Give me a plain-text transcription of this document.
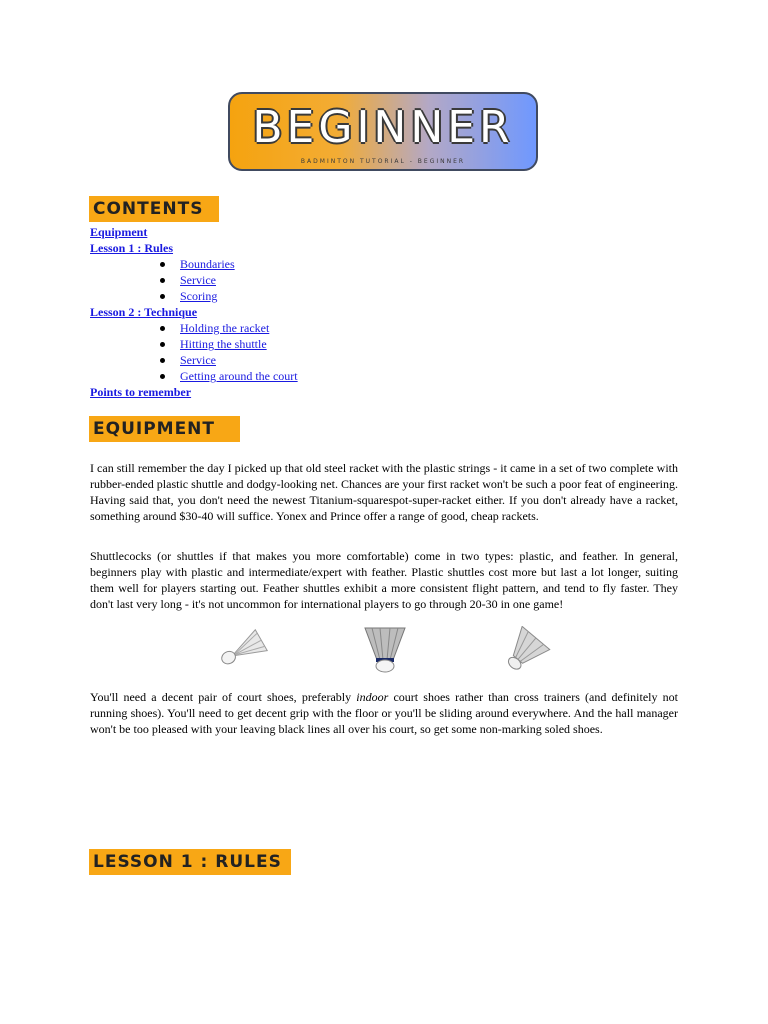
BEGINNER
BADMINTON TUTORIAL - BEGINNER
CONTENTS
Equipment
Lesson 1 : Rules
Boundaries
Service
Scoring
Lesson 2 : Technique
Holding the racket
Hitting the shuttle
Service
Getting around the court
Points to remember
EQUIPMENT
I can still remember the day I picked up that old steel racket with the plastic strings - it came in a set of two complete with rubber-ended plastic shuttle and dodgy-looking net. Chances are your first racket won't be such a poor feat of engineering. Having said that, you don't need the newest Titanium-squarespot-super-racket either. If you don't already have a racket, something around $30-40 will suffice. Yonex and Prince offer a range of good, cheap rackets.
Shuttlecocks (or shuttles if that makes you more comfortable) come in two types: plastic, and feather. In general, beginners play with plastic and intermediate/expert with feather. Plastic shuttles cost more but last a lot longer, suiting them well for players starting out. Feather shuttles exhibit a more consistent flight pattern, and tend to fly faster. They don't last very long - it's not uncommon for international players to go through 20-30 in one game!
You'll need a decent pair of court shoes, preferably indoor court shoes rather than cross trainers (and definitely not running shoes). You'll need to get decent grip with the floor or you'll be sliding around everywhere. And the hall manager won't be too pleased with your leaving black lines all over his court, so get some non-marking soled shoes.
LESSON 1 : RULES
